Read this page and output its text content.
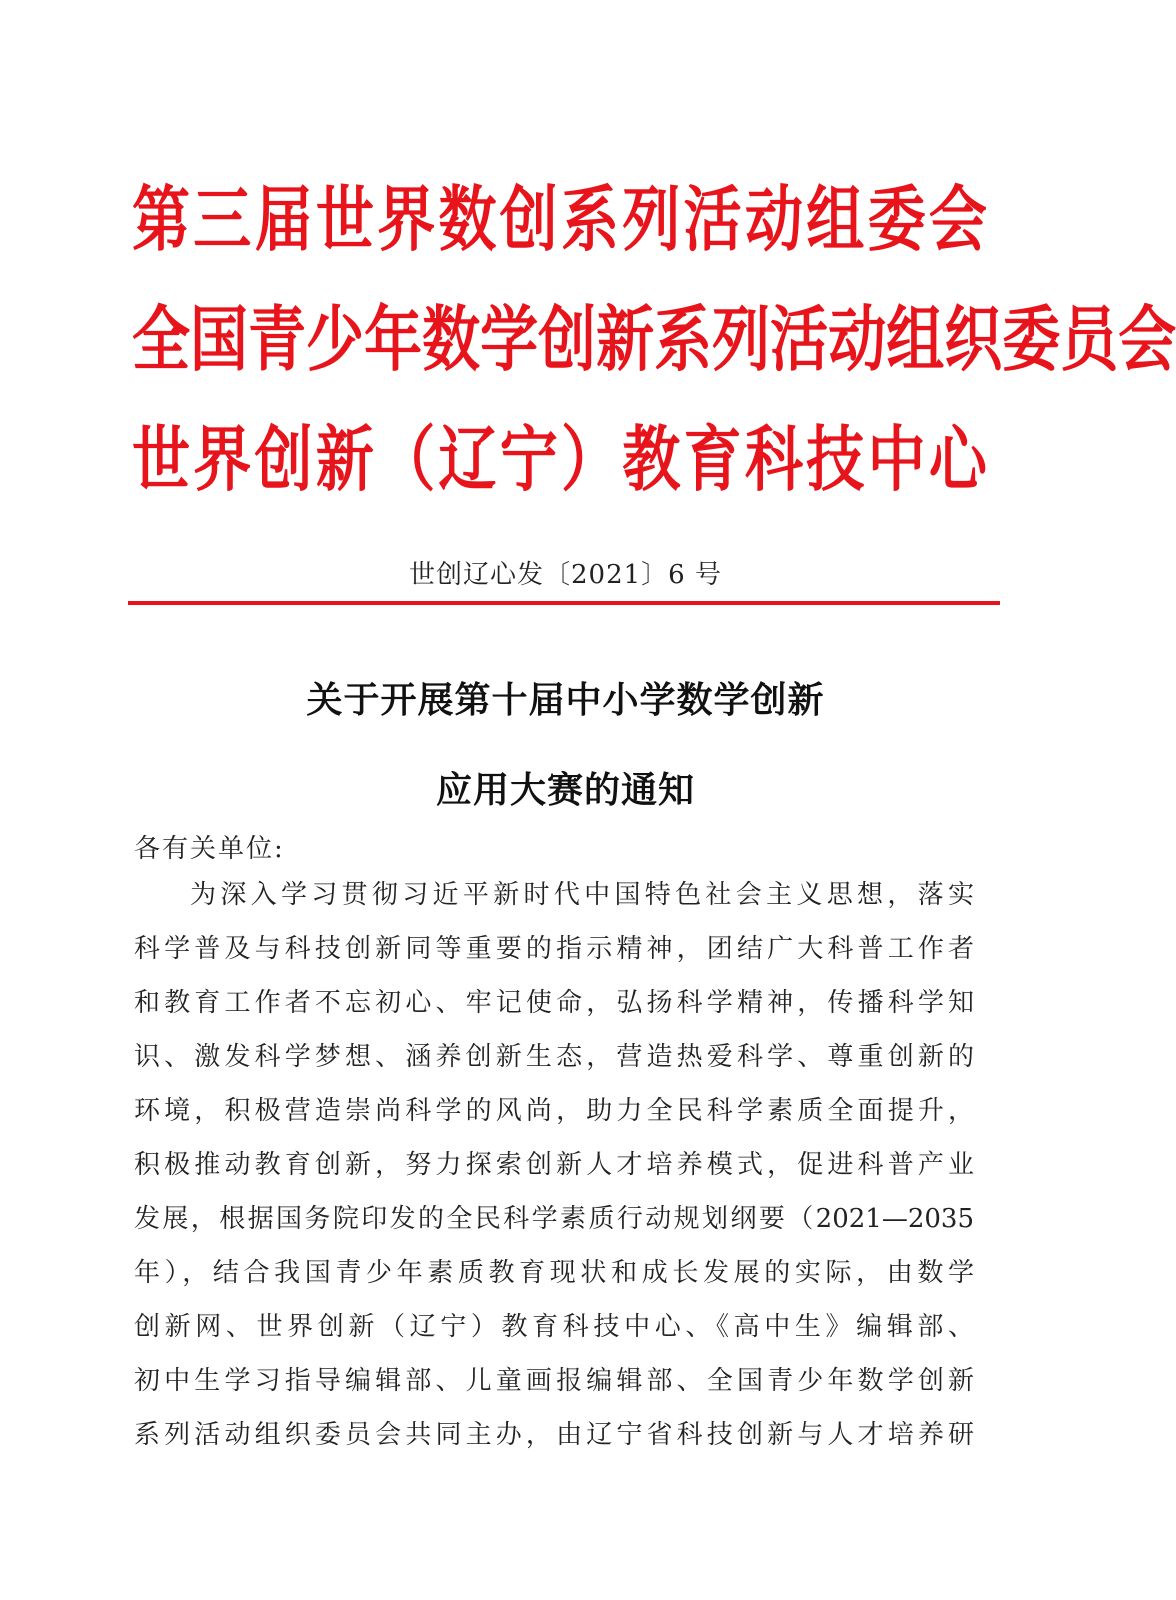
第 三 届 世 界 数 创 系 列 活 动 组 委 会
全 国 青 少 年 数 学 创 新 系 列 活 动 组 织 委 员 会
世 界 创 新 （ 辽 宁 ） 教 育 科 技 中 心
世创辽心发〔2021〕6 号
关于开展第十届中小学数学创新
应用大赛的通知
各有关单位:
为深入学习贯彻习近平新时代中国特色社会主义思想，落实
科学普及与科技创新同等重要的指示精神，团结广大科普工作者
和教育工作者不忘初心、牢记使命，弘扬科学精神，传播科学知
识、激发科学梦想、涵养创新生态，营造热爱科学、尊重创新的
环境，积极营造崇尚科学的风尚，助力全民科学素质全面提升，
积极推动教育创新，努力探索创新人才培养模式，促进科普产业
发展，根据国务院印发的全民科学素质行动规划纲要（2021—2035
年），结合我国青少年素质教育现状和成长发展的实际，由数学
创新网、世界创新（辽宁）教育科技中心、《高中生》编辑部、
初中生学习指导编辑部、儿童画报编辑部、全国青少年数学创新
系列活动组织委员会共同主办，由辽宁省科技创新与人才培养研
